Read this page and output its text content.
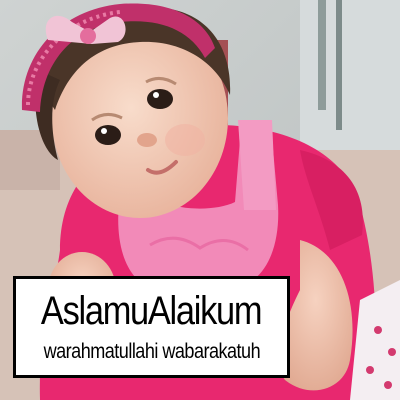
AslamuAlaikum
warahmatullahi wabarakatuh
